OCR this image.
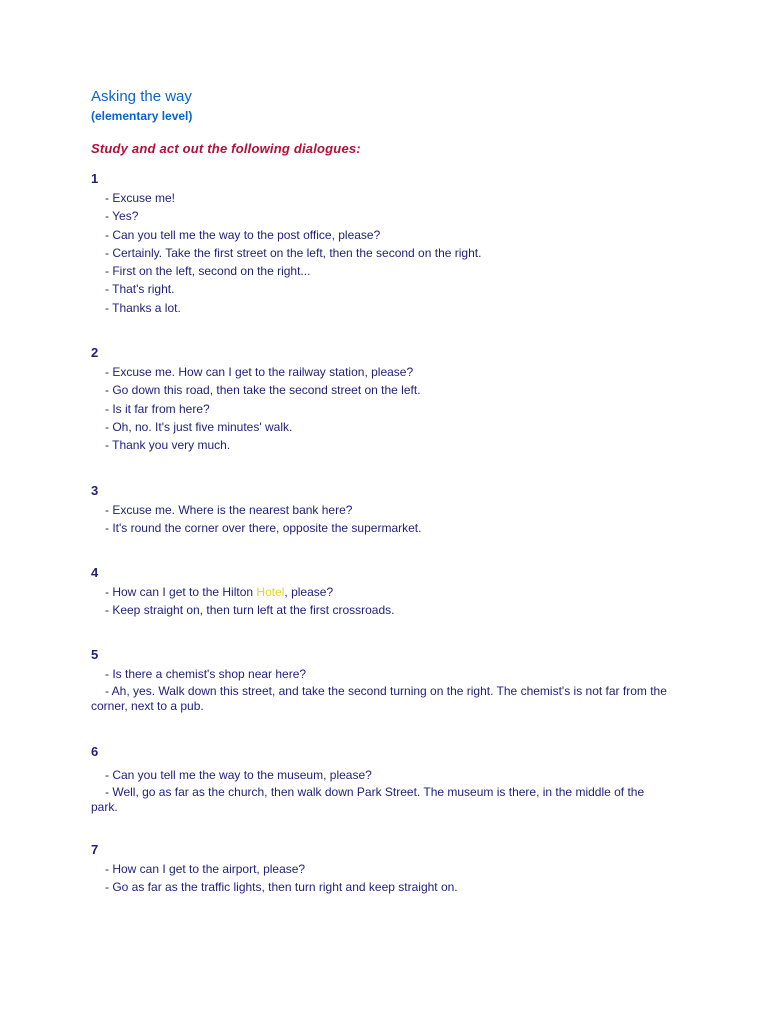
Asking the way
(elementary level)
Study and act out the following dialogues:
1
- Excuse me!
- Yes?
- Can you tell me the way to the post office, please?
- Certainly. Take the first street on the left, then the second on the right.
- First on the left, second on the right...
- That's right.
- Thanks a lot.
2
- Excuse me. How can I get to the railway station, please?
- Go down this road, then take the second street on the left.
- Is it far from here?
- Oh, no. It's just five minutes' walk.
- Thank you very much.
3
- Excuse me. Where is the nearest bank here?
- It's round the corner over there, opposite the supermarket.
4
- How can I get to the Hilton Hotel, please?
- Keep straight on, then turn left at the first crossroads.
5
- Is there a chemist's shop near here?
- Ah, yes. Walk down this street, and take the second turning on the right. The chemist's is not far from the corner, next to a pub.
6
- Can you tell me the way to the museum, please?
- Well, go as far as the church, then walk down Park Street. The museum is there, in the middle of the park.
7
- How can I get to the airport, please?
- Go as far as the traffic lights, then turn right and keep straight on.
